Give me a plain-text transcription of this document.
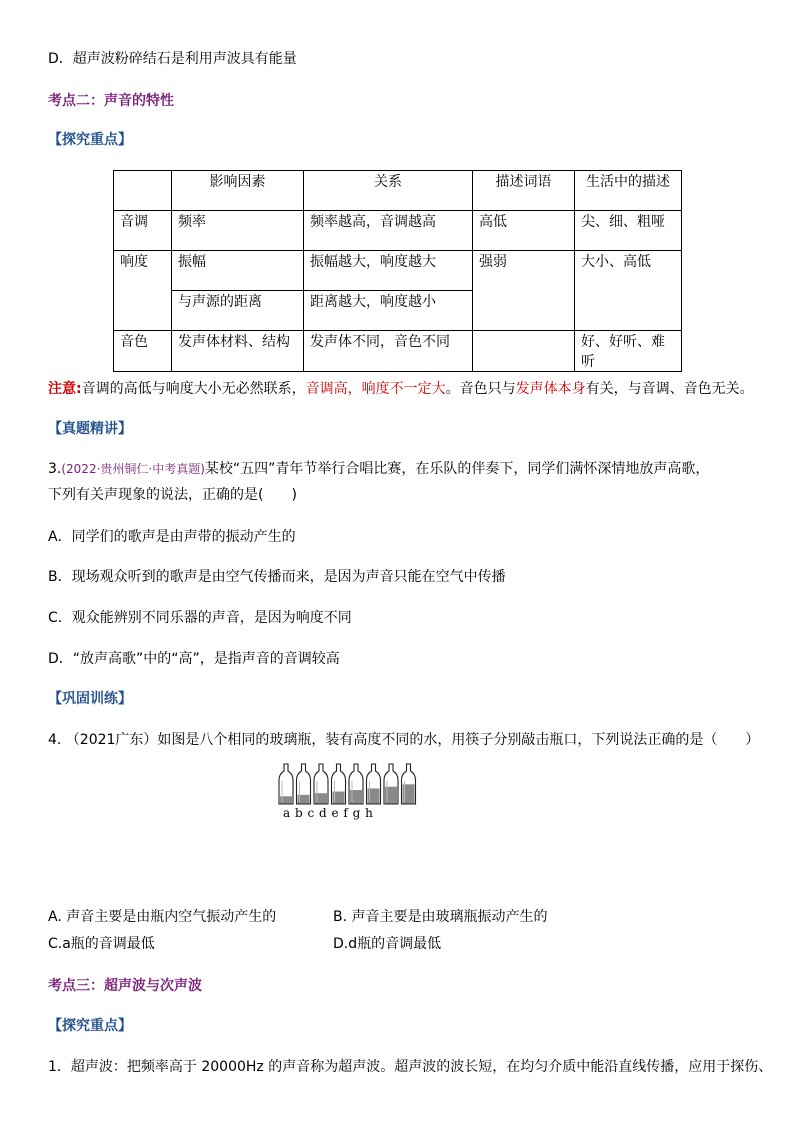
D．超声波粉碎结石是利用声波具有能量
考点二：声音的特性
【探究重点】
	影响因素	关系	描述词语	生活中的描述
音调	频率	频率越高，音调越高	高低	尖、细、粗哑
响度	振幅	振幅越大，响度越大	强弱	大小、高低
	与声源的距离	距离越大，响度越小		
音色	发声体材料、结构	发声体不同，音色不同		好、好听、难听
注意:音调的高低与响度大小无必然联系，音调高，响度不一定大。音色只与发声体本身有关，与音调、音色无关。
【真题精讲】
3.(2022·贵州铜仁·中考真题)某校“五四”青年节举行合唱比赛，在乐队的伴奏下，同学们满怀深情地放声高歌，
下列有关声现象的说法，正确的是(　　)
A．同学们的歌声是由声带的振动产生的
B．现场观众听到的歌声是由空气传播而来，是因为声音只能在空气中传播
C．观众能辨别不同乐器的声音，是因为响度不同
D．“放声高歌”中的“高”，是指声音的音调较高
【巩固训练】
4. （2021广东）如图是八个相同的玻璃瓶，装有高度不同的水，用筷子分别敲击瓶口，下列说法正确的是（　　）
a b c d e f g h
A. 声音主要是由瓶内空气振动产生的	B. 声音主要是由玻璃瓶振动产生的
C.a瓶的音调最低	D.d瓶的音调最低
考点三：超声波与次声波
【探究重点】
1．超声波：把频率高于 20000Hz 的声音称为超声波。超声波的波长短，在均匀介质中能沿直线传播，应用于探伤、
